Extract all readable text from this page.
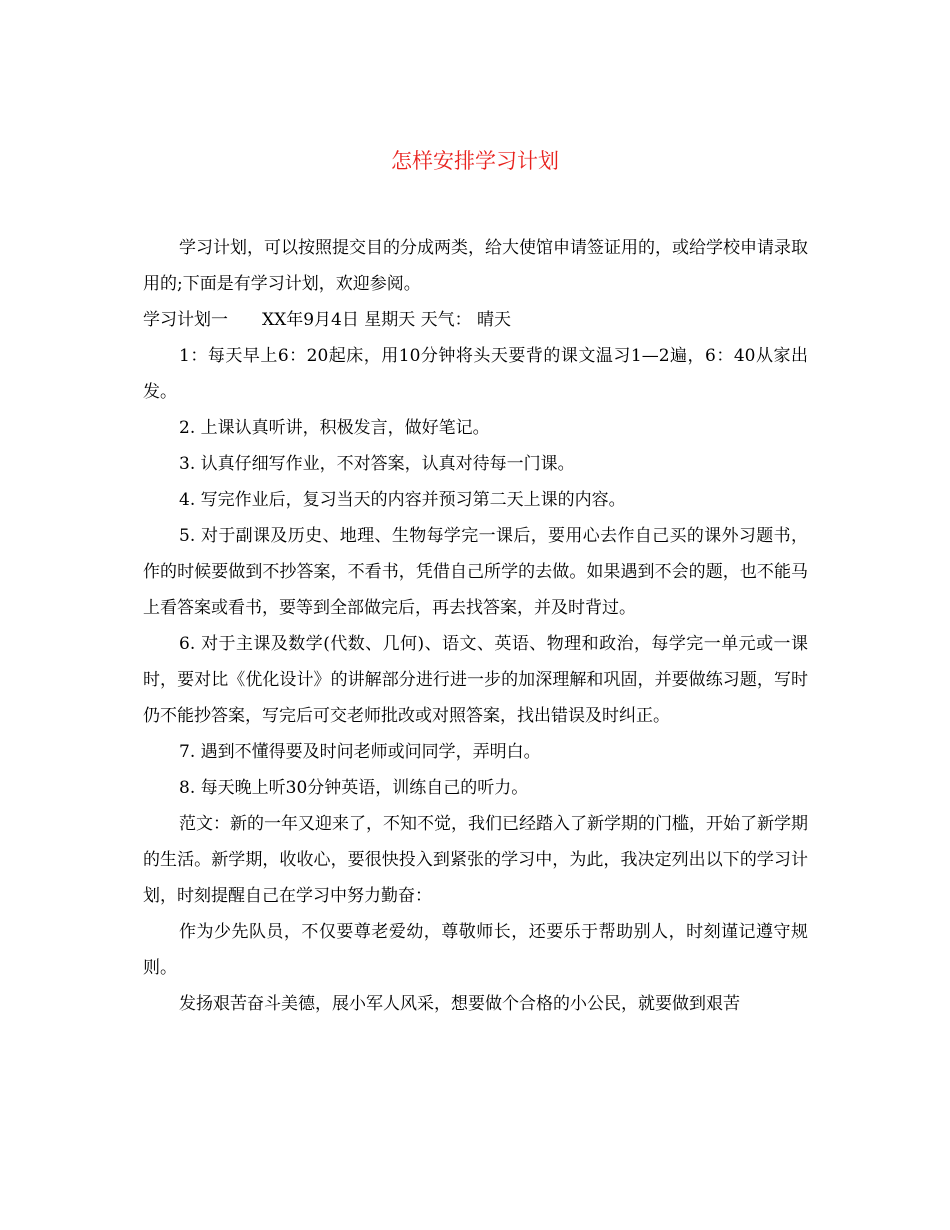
怎样安排学习计划

学习计划，可以按照提交目的分成两类，给大使馆申请签证用的，或给学校申请录取用的;下面是有学习计划，欢迎参阅。

学习计划一　　XX年9月4日 星期天 天气： 晴天

1：每天早上6：20起床，用10分钟将头天要背的课文温习1—2遍，6：40从家出发。

2. 上课认真听讲，积极发言，做好笔记。

3. 认真仔细写作业，不对答案，认真对待每一门课。

4. 写完作业后，复习当天的内容并预习第二天上课的内容。

5. 对于副课及历史、地理、生物每学完一课后，要用心去作自己买的课外习题书，作的时候要做到不抄答案，不看书，凭借自己所学的去做。如果遇到不会的题，也不能马上看答案或看书，要等到全部做完后，再去找答案，并及时背过。

6. 对于主课及数学(代数、几何)、语文、英语、物理和政治，每学完一单元或一课时，要对比《优化设计》的讲解部分进行进一步的加深理解和巩固，并要做练习题，写时仍不能抄答案，写完后可交老师批改或对照答案，找出错误及时纠正。

7. 遇到不懂得要及时问老师或问同学，弄明白。

8. 每天晚上听30分钟英语，训练自己的听力。

范文：新的一年又迎来了，不知不觉，我们已经踏入了新学期的门槛，开始了新学期的生活。新学期，收收心，要很快投入到紧张的学习中，为此，我决定列出以下的学习计划，时刻提醒自己在学习中努力勤奋：

作为少先队员，不仅要尊老爱幼，尊敬师长，还要乐于帮助别人，时刻谨记遵守规则。

发扬艰苦奋斗美德，展小军人风采，想要做个合格的小公民，就要做到艰苦
